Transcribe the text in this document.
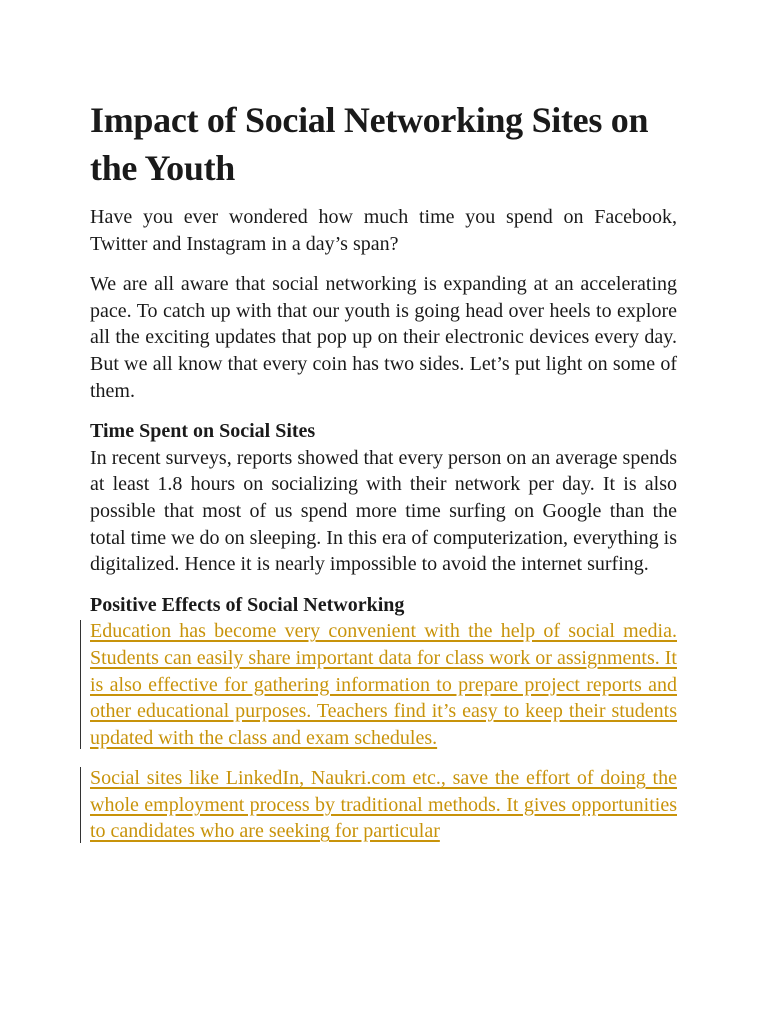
Impact of Social Networking Sites on the Youth

Have you ever wondered how much time you spend on Facebook, Twitter and Instagram in a day’s span?

We are all aware that social networking is expanding at an accelerating pace. To catch up with that our youth is going head over heels to explore all the exciting updates that pop up on their electronic devices every day. But we all know that every coin has two sides. Let’s put light on some of them.

Time Spent on Social Sites

In recent surveys, reports showed that every person on an average spends at least 1.8 hours on socializing with their network per day. It is also possible that most of us spend more time surfing on Google than the total time we do on sleeping. In this era of computerization, everything is digitalized. Hence it is nearly impossible to avoid the internet surfing.

Positive Effects of Social Networking

Education has become very convenient with the help of social media. Students can easily share important data for class work or assignments. It is also effective for gathering information to prepare project reports and other educational purposes. Teachers find it’s easy to keep their students updated with the class and exam schedules.

Social sites like LinkedIn, Naukri.com etc., save the effort of doing the whole employment process by traditional methods. It gives opportunities to candidates who are seeking for particular
